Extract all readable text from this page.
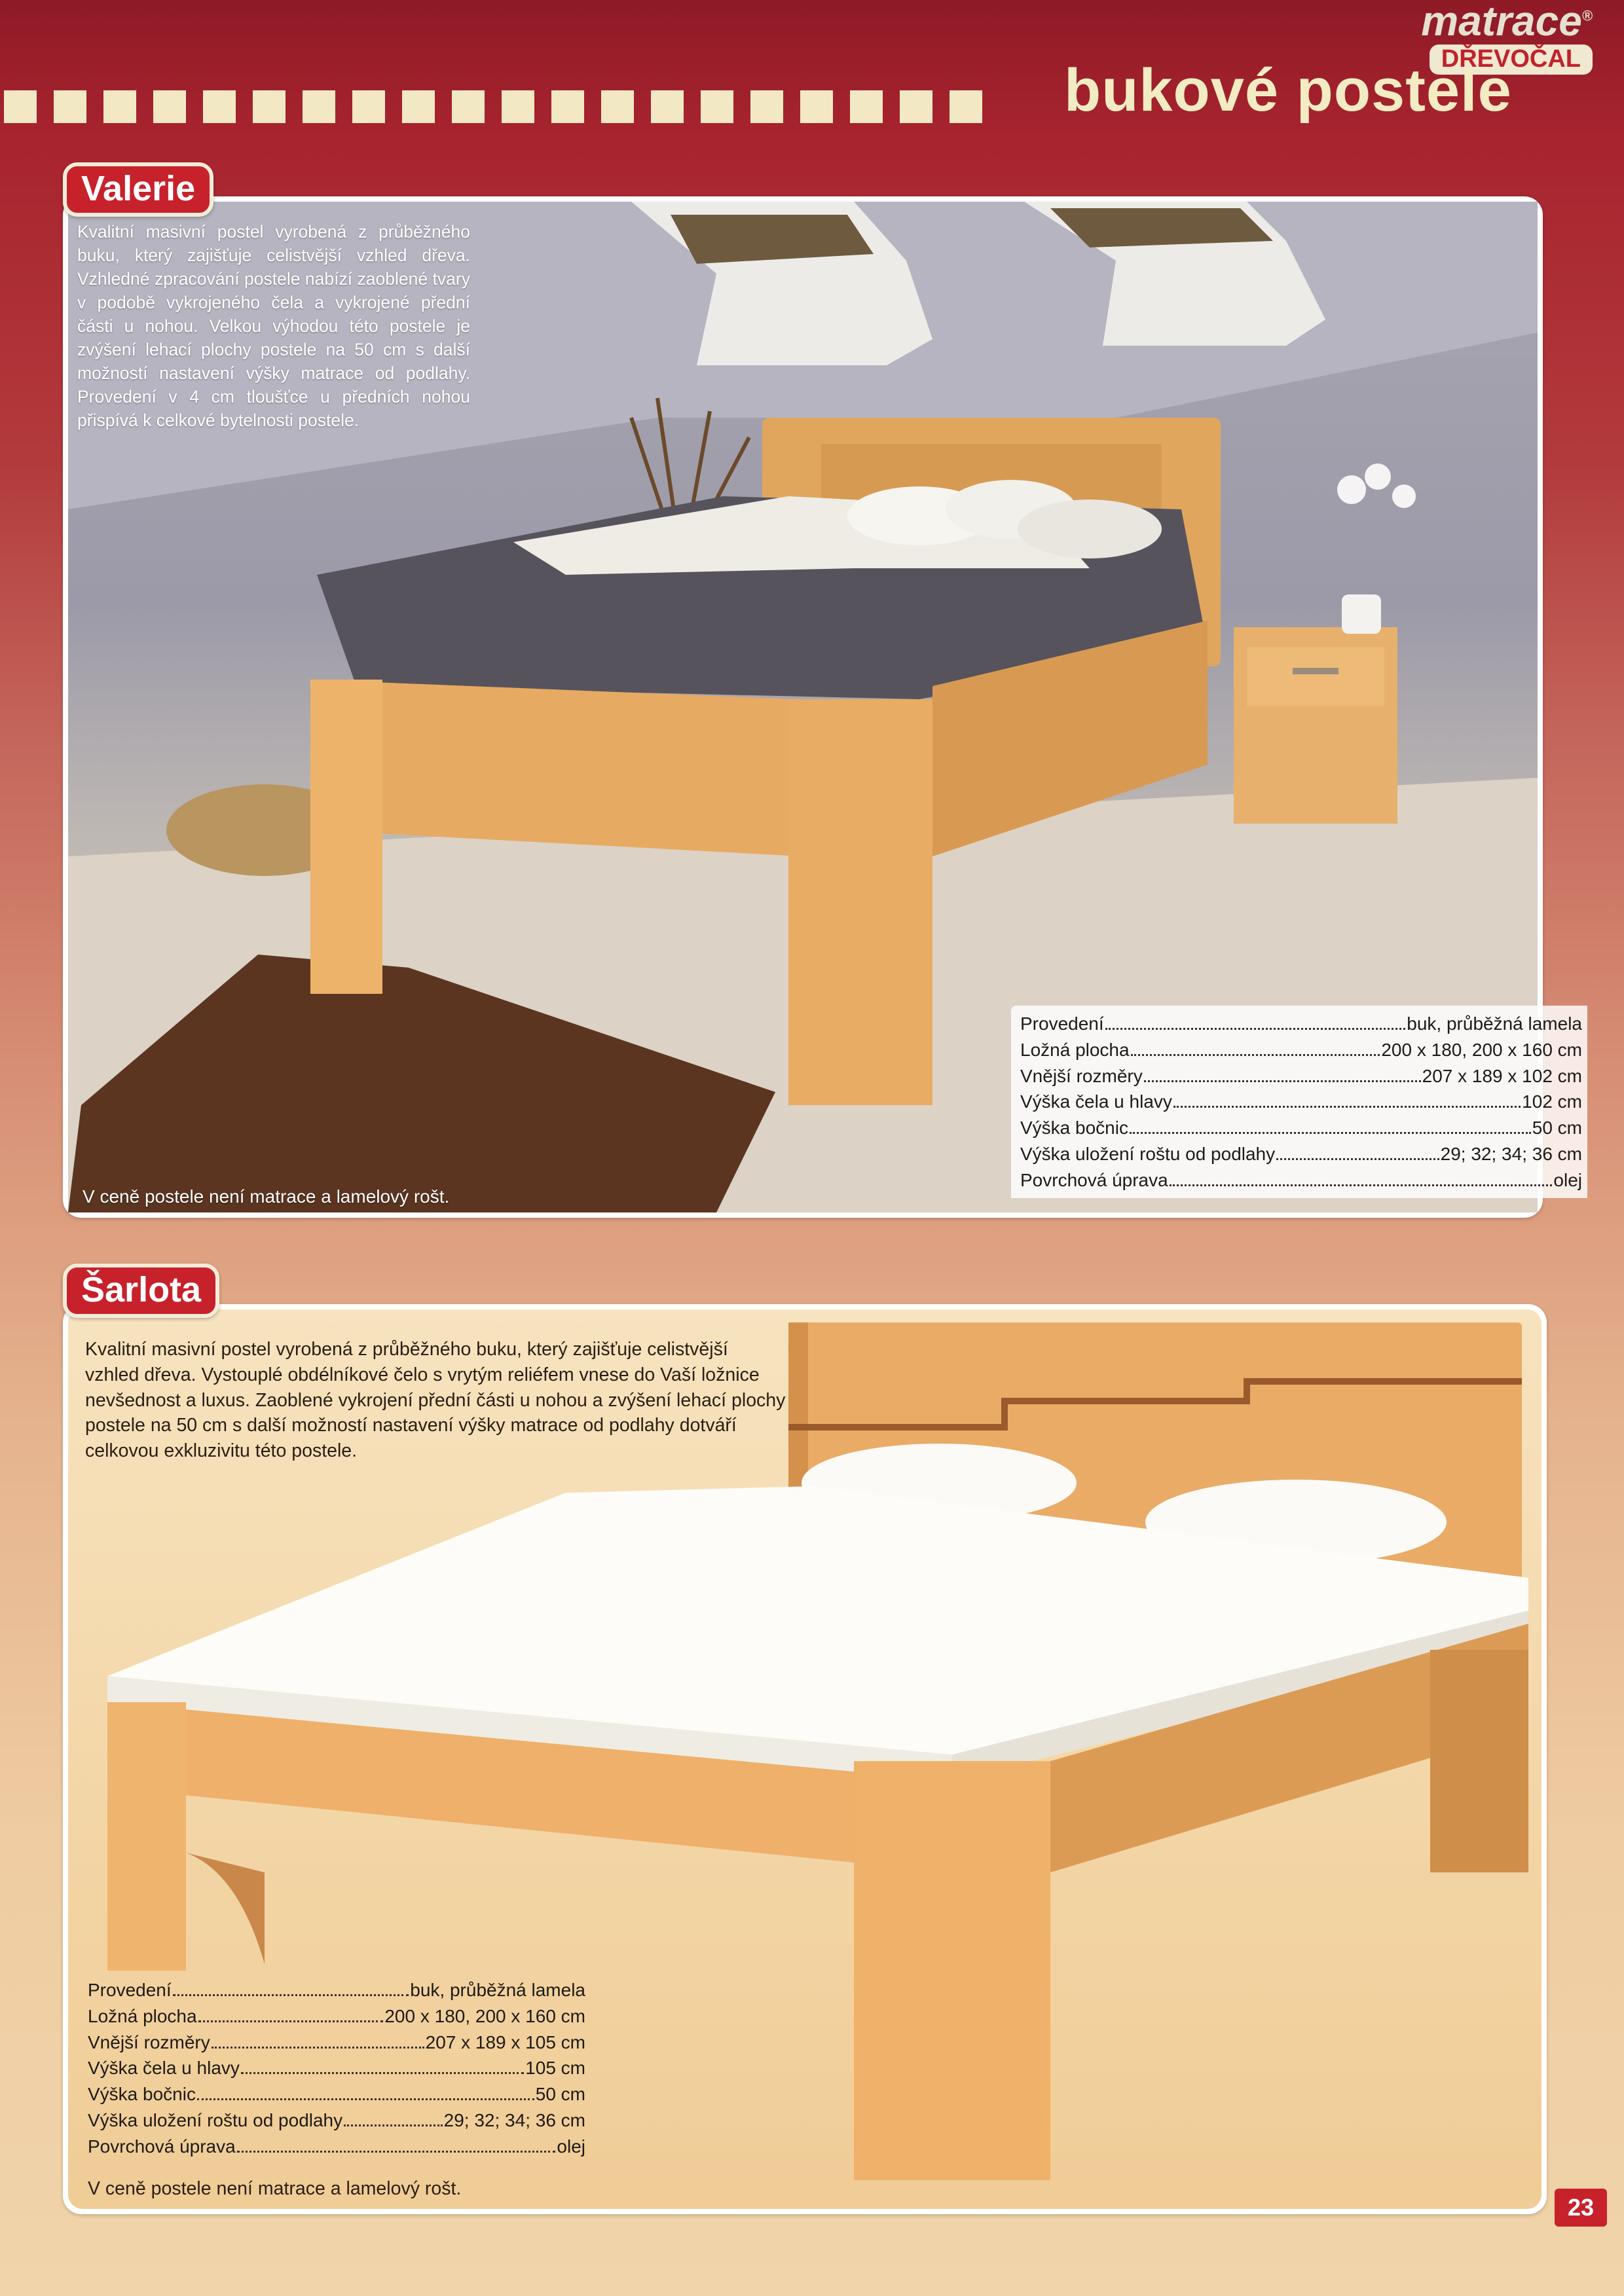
matrace®
DŘEVOČAL
bukové postele
Kvalitní masivní postel vyrobená z průběžného buku, který zajišťuje celistvější vzhled dřeva. Vzhledné zpracování postele nabízí zaoblené tvary v podobě vykrojeného čela a vykrojené přední části u nohou. Velkou výhodou této postele je zvýšení lehací plochy postele na 50 cm s další možností nastavení výšky matrace od podlahy. Provedení v 4 cm tloušťce u předních nohou přispívá k celkové bytelnosti postele.
Provedení	buk, průběžná lamela
Ložná plocha	200 x 180, 200 x 160 cm
Vnější rozměry	207 x 189 x 102 cm
Výška čela u hlavy	102 cm
Výška bočnic	50 cm
Výška uložení roštu od podlahy	29; 32; 34; 36 cm
Povrchová úprava	olej
V ceně postele není matrace a lamelový rošt.
Valerie
Kvalitní masivní postel vyrobená z průběžného buku, který zajišťuje celistvější vzhled dřeva. Vystouplé obdélníkové čelo s vrytým reliéfem vnese do Vaší ložnice nevšednost a luxus. Zaoblené vykrojení přední části u nohou a zvýšení lehací plochy postele na 50 cm s další možností nastavení výšky matrace od podlahy dotváří celkovou exkluzivitu této postele.
Provedení	buk, průběžná lamela
Ložná plocha	200 x 180, 200 x 160 cm
Vnější rozměry	207 x 189 x 105 cm
Výška čela u hlavy	105 cm
Výška bočnic	50 cm
Výška uložení roštu od podlahy	29; 32; 34; 36 cm
Povrchová úprava	olej
V ceně postele není matrace a lamelový rošt.
Šarlota
23
